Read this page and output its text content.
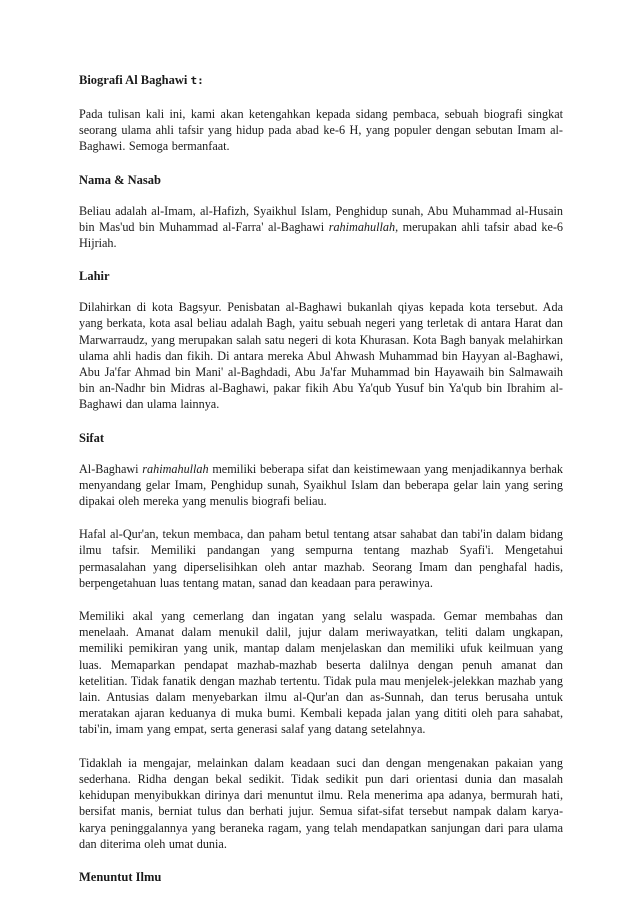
Biografi Al Baghawi t:

Pada tulisan kali ini, kami akan ketengahkan kepada sidang pembaca, sebuah biografi singkat seorang ulama ahli tafsir yang hidup pada abad ke-6 H, yang populer dengan sebutan Imam al-Baghawi. Semoga bermanfaat.

Nama & Nasab

Beliau adalah al-Imam, al-Hafizh, Syaikhul Islam, Penghidup sunah, Abu Muhammad al-Husain bin Mas'ud bin Muhammad al-Farra' al-Baghawi rahimahullah, merupakan ahli tafsir abad ke-6 Hijriah.

Lahir

Dilahirkan di kota Bagsyur. Penisbatan al-Baghawi bukanlah qiyas kepada kota tersebut. Ada yang berkata, kota asal beliau adalah Bagh, yaitu sebuah negeri yang terletak di antara Harat dan Marwarraudz, yang merupakan salah satu negeri di kota Khurasan. Kota Bagh banyak melahirkan ulama ahli hadis dan fikih. Di antara mereka Abul Ahwash Muhammad bin Hayyan al-Baghawi, Abu Ja'far Ahmad bin Mani' al-Baghdadi, Abu Ja'far Muhammad bin Hayawaih bin Salmawaih bin an-Nadhr bin Midras al-Baghawi, pakar fikih Abu Ya'qub Yusuf bin Ya'qub bin Ibrahim al-Baghawi dan ulama lainnya.

Sifat

Al-Baghawi rahimahullah memiliki beberapa sifat dan keistimewaan yang menjadikannya berhak menyandang gelar Imam, Penghidup sunah, Syaikhul Islam dan beberapa gelar lain yang sering dipakai oleh mereka yang menulis biografi beliau.

Hafal al-Qur'an, tekun membaca, dan paham betul tentang atsar sahabat dan tabi'in dalam bidang ilmu tafsir. Memiliki pandangan yang sempurna tentang mazhab Syafi'i. Mengetahui permasalahan yang diperselisihkan oleh antar mazhab. Seorang Imam dan penghafal hadis, berpengetahuan luas tentang matan, sanad dan keadaan para perawinya.

Memiliki akal yang cemerlang dan ingatan yang selalu waspada. Gemar membahas dan menelaah. Amanat dalam menukil dalil, jujur dalam meriwayatkan, teliti dalam ungkapan, memiliki pemikiran yang unik, mantap dalam menjelaskan dan memiliki ufuk keilmuan yang luas. Memaparkan pendapat mazhab-mazhab beserta dalilnya dengan penuh amanat dan ketelitian. Tidak fanatik dengan mazhab tertentu. Tidak pula mau menjelek-jelekkan mazhab yang lain. Antusias dalam menyebarkan ilmu al-Qur'an dan as-Sunnah, dan terus berusaha untuk meratakan ajaran keduanya di muka bumi. Kembali kepada jalan yang dititi oleh para sahabat, tabi'in, imam yang empat, serta generasi salaf yang datang setelahnya.

Tidaklah ia mengajar, melainkan dalam keadaan suci dan dengan mengenakan pakaian yang sederhana. Ridha dengan bekal sedikit. Tidak sedikit pun dari orientasi dunia dan masalah kehidupan menyibukkan dirinya dari menuntut ilmu. Rela menerima apa adanya, bermurah hati, bersifat manis, berniat tulus dan berhati jujur. Semua sifat-sifat tersebut nampak dalam karya-karya peninggalannya yang beraneka ragam, yang telah mendapatkan sanjungan dari para ulama dan diterima oleh umat dunia.

Menuntut Ilmu
